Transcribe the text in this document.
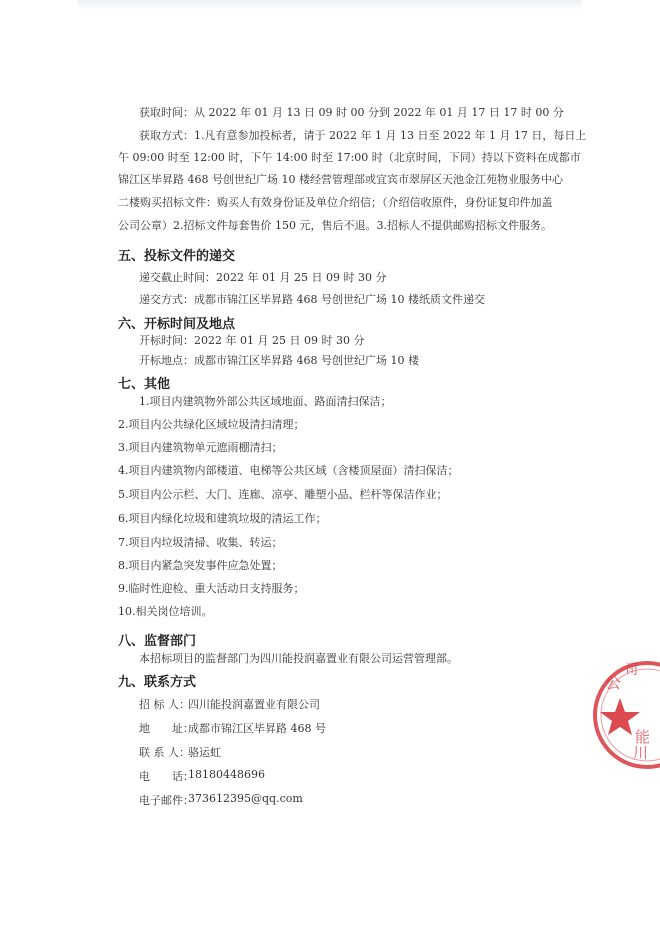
获取时间：从 2022 年 01 月 13 日 09 时 00 分到 2022 年 01 月 17 日 17 时 00 分
获取方式：1.凡有意参加投标者，请于 2022 年 1 月 13 日至 2022 年 1 月 17 日，每日上
午 09:00 时至 12:00 时，下午 14:00 时至 17:00 时（北京时间，下同）持以下资料在成都市
锦江区毕昇路 468 号创世纪广场 10 楼经营管理部或宜宾市翠屏区天池金江苑物业服务中心
二楼购买招标文件：购买人有效身份证及单位介绍信；（介绍信收原件，身份证复印件加盖
公司公章）2.招标文件每套售价 150 元，售后不退。3.招标人不提供邮购招标文件服务。
五、投标文件的递交
递交截止时间：2022 年 01 月 25 日 09 时 30 分
递交方式：成都市锦江区毕昇路 468 号创世纪广场 10 楼纸质文件递交
六、开标时间及地点
开标时间：2022 年 01 月 25 日 09 时 30 分
开标地点：成都市锦江区毕昇路 468 号创世纪广场 10 楼
七、其他
1.项目内建筑物外部公共区域地面、路面清扫保洁；
2.项目内公共绿化区域垃圾清扫清理；
3.项目内建筑物单元遮雨棚清扫；
4.项目内建筑物内部楼道、电梯等公共区域（含楼顶屋面）清扫保洁；
5.项目内公示栏、大门、连廊、凉亭、雕塑小品、栏杆等保洁作业；
6.项目内绿化垃圾和建筑垃圾的清运工作；
7.项目内垃圾清掃、收集、转运；
8.项目内紧急突发事件应急处置；
9.临时性迎检、重大活动日支持服务；
10.相关岗位培训。
八、监督部门
本招标项目的监督部门为四川能投润嘉置业有限公司运营管理部。
九、联系方式
招 标 人：
四川能投润嘉置业有限公司
地　　址：
成都市锦江区毕昇路 468 号
联 系 人：
骆运虹
电　　话：
18180448696
电子邮件：
373612395@qq.com
公
司
川
能
